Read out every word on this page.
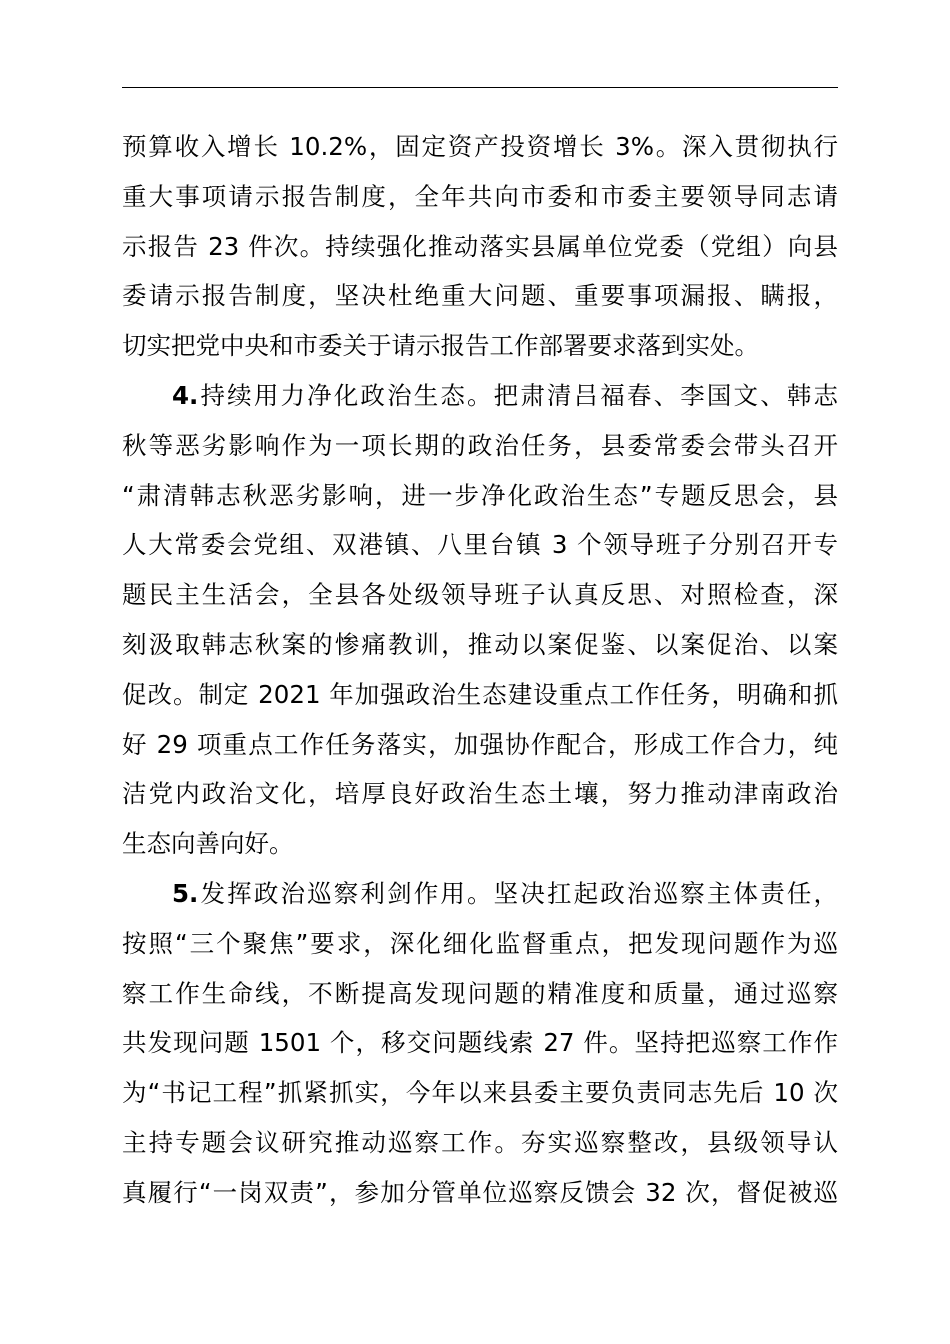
预算收入增长 10.2%，固定资产投资增长 3%。深入贯彻执行
重大事项请示报告制度，全年共向市委和市委主要领导同志请
示报告 23 件次。持续强化推动落实县属单位党委（党组）向县
委请示报告制度，坚决杜绝重大问题、重要事项漏报、瞒报，
切实把党中央和市委关于请示报告工作部署要求落到实处。
4.持续用力净化政治生态。把肃清吕福春、李国文、韩志
秋等恶劣影响作为一项长期的政治任务，县委常委会带头召开
“肃清韩志秋恶劣影响，进一步净化政治生态”专题反思会，县
人大常委会党组、双港镇、八里台镇 3 个领导班子分别召开专
题民主生活会，全县各处级领导班子认真反思、对照检查，深
刻汲取韩志秋案的惨痛教训，推动以案促鉴、以案促治、以案
促改。制定 2021 年加强政治生态建设重点工作任务，明确和抓
好 29 项重点工作任务落实，加强协作配合，形成工作合力，纯
洁党内政治文化，培厚良好政治生态土壤，努力推动津南政治
生态向善向好。
5.发挥政治巡察利剑作用。坚决扛起政治巡察主体责任，
按照“三个聚焦”要求，深化细化监督重点，把发现问题作为巡
察工作生命线，不断提高发现问题的精准度和质量，通过巡察
共发现问题 1501 个，移交问题线索 27 件。坚持把巡察工作作
为“书记工程”抓紧抓实，今年以来县委主要负责同志先后 10 次
主持专题会议研究推动巡察工作。夯实巡察整改，县级领导认
真履行“一岗双责”，参加分管单位巡察反馈会 32 次，督促被巡
